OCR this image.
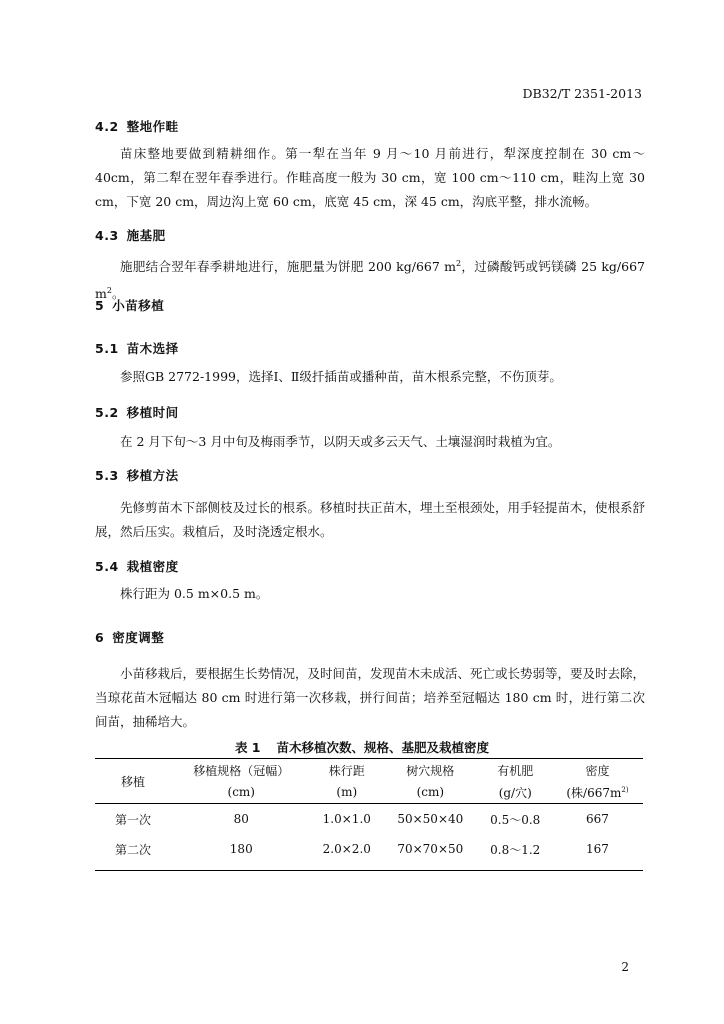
DB32/T 2351-2013
4.2 整地作畦
苗床整地要做到精耕细作。第一犁在当年 9 月～10 月前进行，犁深度控制在 30 cm～40cm，第二犁在翌年春季进行。作畦高度一般为 30 cm，宽 100 cm～110 cm，畦沟上宽 30 cm，下宽 20 cm，周边沟上宽 60 cm，底宽 45 cm，深 45 cm，沟底平整，排水流畅。
4.3 施基肥
施肥结合翌年春季耕地进行，施肥量为饼肥 200 kg/667 $m^2$，过磷酸钙或钙镁磷 25 kg/667 $m^2$。
5 小苗移植
5.1 苗木选择
参照GB 2772-1999，选择Ⅰ、Ⅱ级扦插苗或播种苗，苗木根系完整，不伤顶芽。
5.2 移植时间
在 2 月下旬～3 月中旬及梅雨季节，以阴天或多云天气、土壤湿润时栽植为宜。
5.3 移植方法
先修剪苗木下部侧枝及过长的根系。移植时扶正苗木，埋土至根颈处，用手轻提苗木，使根系舒展，然后压实。栽植后，及时浇透定根水。
5.4 栽植密度
株行距为 0.5 m×0.5 m。
6 密度调整
小苗移栽后，要根据生长势情况，及时间苗，发现苗木未成活、死亡或长势弱等，要及时去除，当琼花苗木冠幅达 80 cm 时进行第一次移栽，拼行间苗；培养至冠幅达 180 cm 时，进行第二次间苗，抽稀培大。
表 1 苗木移植次数、规格、基肥及栽植密度
移植	移植规格（冠幅）	株行距	树穴规格	有机肥	密度
	(cm)	(m)	(cm)	(g/穴)	(株$/667m^{2)}$
第一次	80	1.0×1.0	50×50×40	0.5～0.8	667
第二次	180	2.0×2.0	70×70×50	0.8～1.2	167
2
